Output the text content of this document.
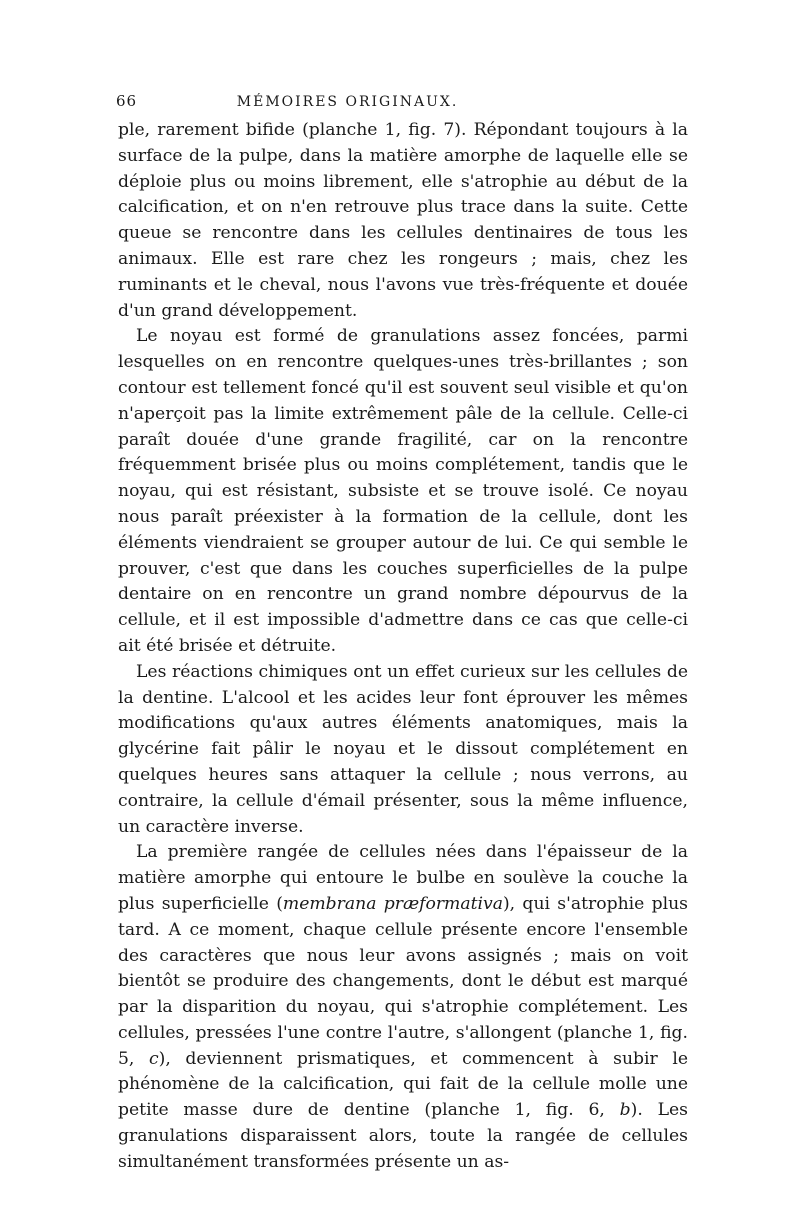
66	MÉMOIRES ORIGINAUX.

ple, rarement bifide (planche 1, fig. 7). Répondant toujours à la surface de la pulpe, dans la matière amorphe de laquelle elle se déploie plus ou moins librement, elle s'atrophie au début de la calcification, et on n'en retrouve plus trace dans la suite. Cette queue se rencontre dans les cellules dentinaires de tous les animaux. Elle est rare chez les rongeurs ; mais, chez les ruminants et le cheval, nous l'avons vue très-fréquente et douée d'un grand développement.

Le noyau est formé de granulations assez foncées, parmi lesquelles on en rencontre quelques-unes très-brillantes ; son contour est tellement foncé qu'il est souvent seul visible et qu'on n'aperçoit pas la limite extrêmement pâle de la cellule. Celle-ci paraît douée d'une grande fragilité, car on la rencontre fréquemment brisée plus ou moins complétement, tandis que le noyau, qui est résistant, subsiste et se trouve isolé. Ce noyau nous paraît préexister à la formation de la cellule, dont les éléments viendraient se grouper autour de lui. Ce qui semble le prouver, c'est que dans les couches superficielles de la pulpe dentaire on en rencontre un grand nombre dépourvus de la cellule, et il est impossible d'admettre dans ce cas que celle-ci ait été brisée et détruite.

Les réactions chimiques ont un effet curieux sur les cellules de la dentine. L'alcool et les acides leur font éprouver les mêmes modifications qu'aux autres éléments anatomiques, mais la glycérine fait pâlir le noyau et le dissout complétement en quelques heures sans attaquer la cellule ; nous verrons, au contraire, la cellule d'émail présenter, sous la même influence, un caractère inverse.

La première rangée de cellules nées dans l'épaisseur de la matière amorphe qui entoure le bulbe en soulève la couche la plus superficielle (membrana præformativa), qui s'atrophie plus tard. A ce moment, chaque cellule présente encore l'ensemble des caractères que nous leur avons assignés ; mais on voit bientôt se produire des changements, dont le début est marqué par la disparition du noyau, qui s'atrophie complétement. Les cellules, pressées l'une contre l'autre, s'allongent (planche 1, fig. 5, c), deviennent prismatiques, et commencent à subir le phénomène de la calcification, qui fait de la cellule molle une petite masse dure de dentine (planche 1, fig. 6, b). Les granulations disparaissent alors, toute la rangée de cellules simultanément transformées présente un as-
